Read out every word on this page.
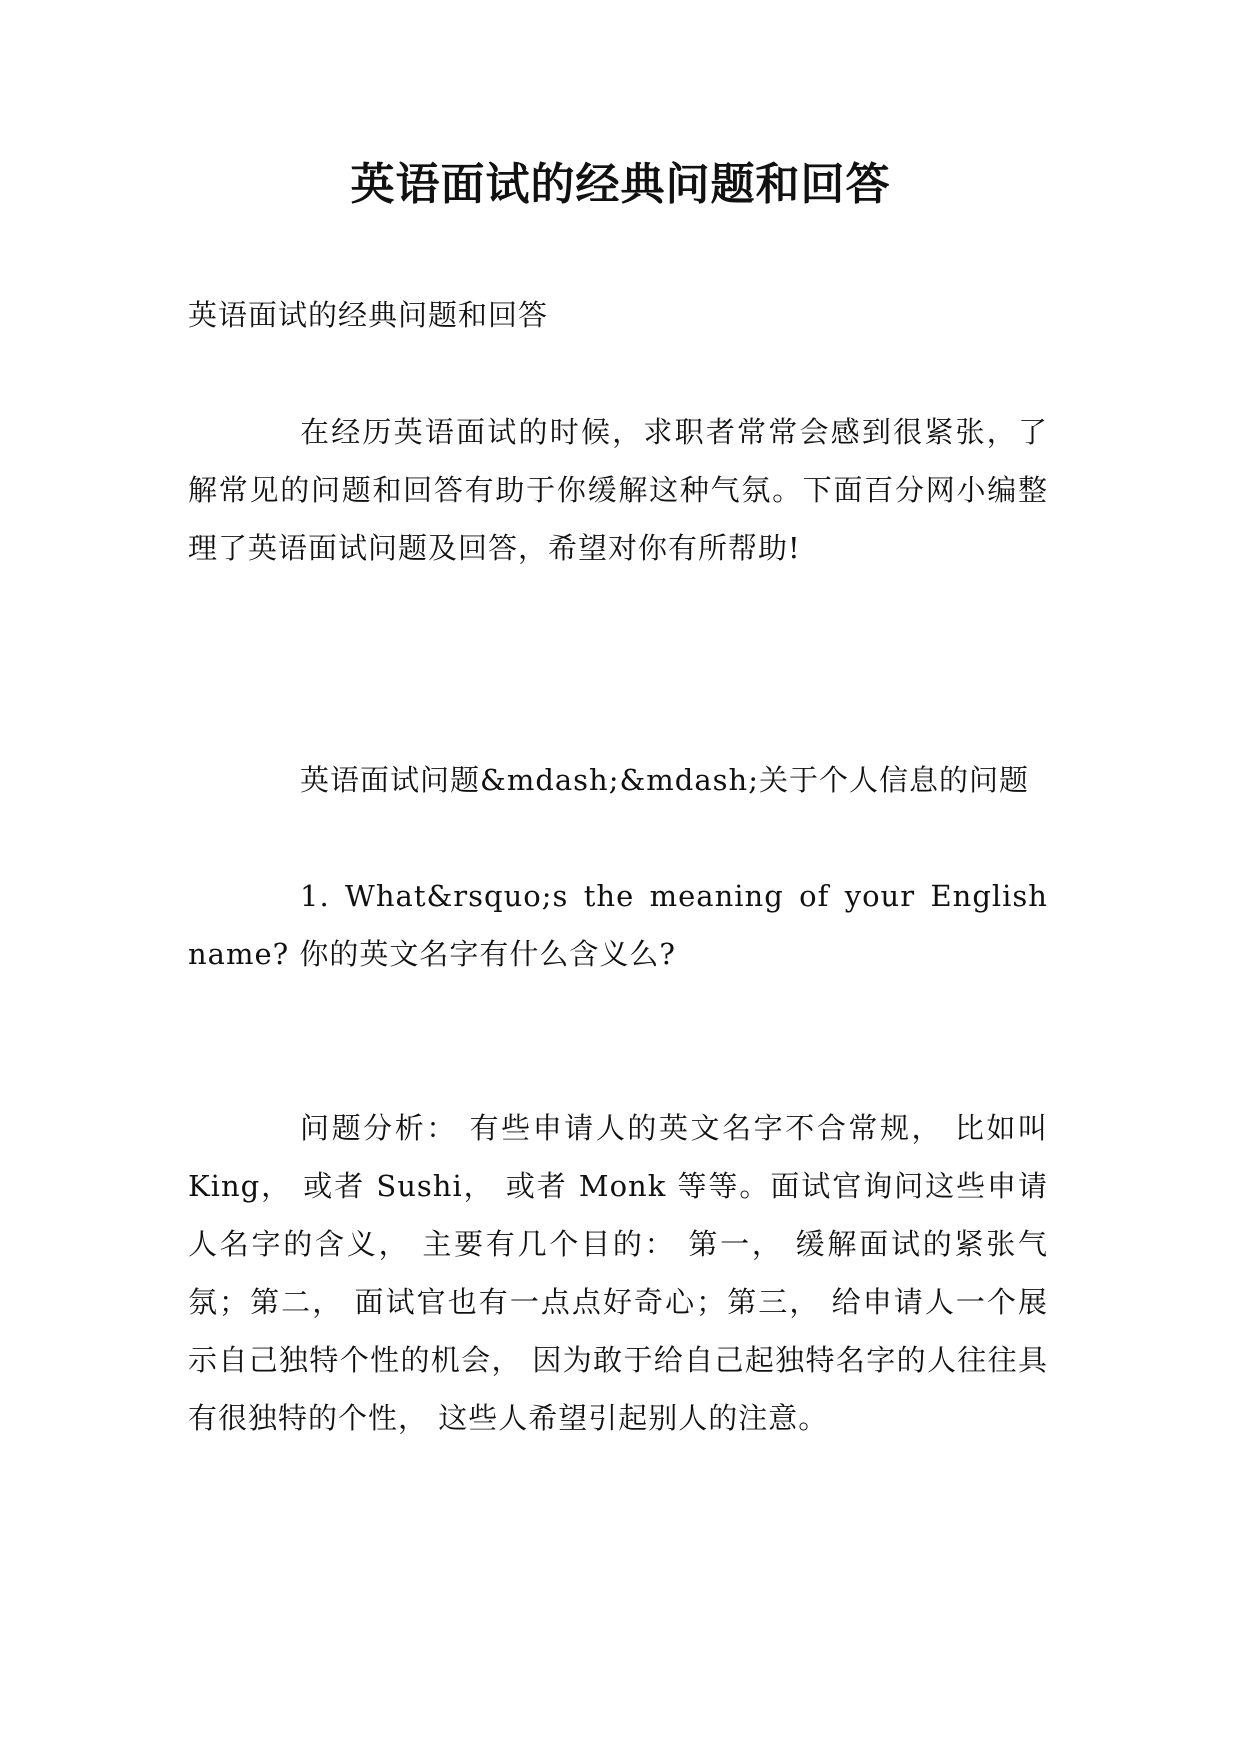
英语面试的经典问题和回答
英语面试的经典问题和回答
在经历英语面试的时候，求职者常常会感到很紧张，了解常见的问题和回答有助于你缓解这种气氛。下面百分网小编整理了英语面试问题及回答，希望对你有所帮助!
英语面试问题&mdash;&mdash;关于个人信息的问题
1. What&rsquo;s the meaning of your English name? 你的英文名字有什么含义么?
问题分析： 有些申请人的英文名字不合常规， 比如叫 King， 或者 Sushi， 或者 Monk 等等。面试官询问这些申请人名字的含义， 主要有几个目的： 第一， 缓解面试的紧张气氛；第二， 面试官也有一点点好奇心；第三， 给申请人一个展示自己独特个性的机会， 因为敢于给自己起独特名字的人往往具有很独特的个性， 这些人希望引起别人的注意。
